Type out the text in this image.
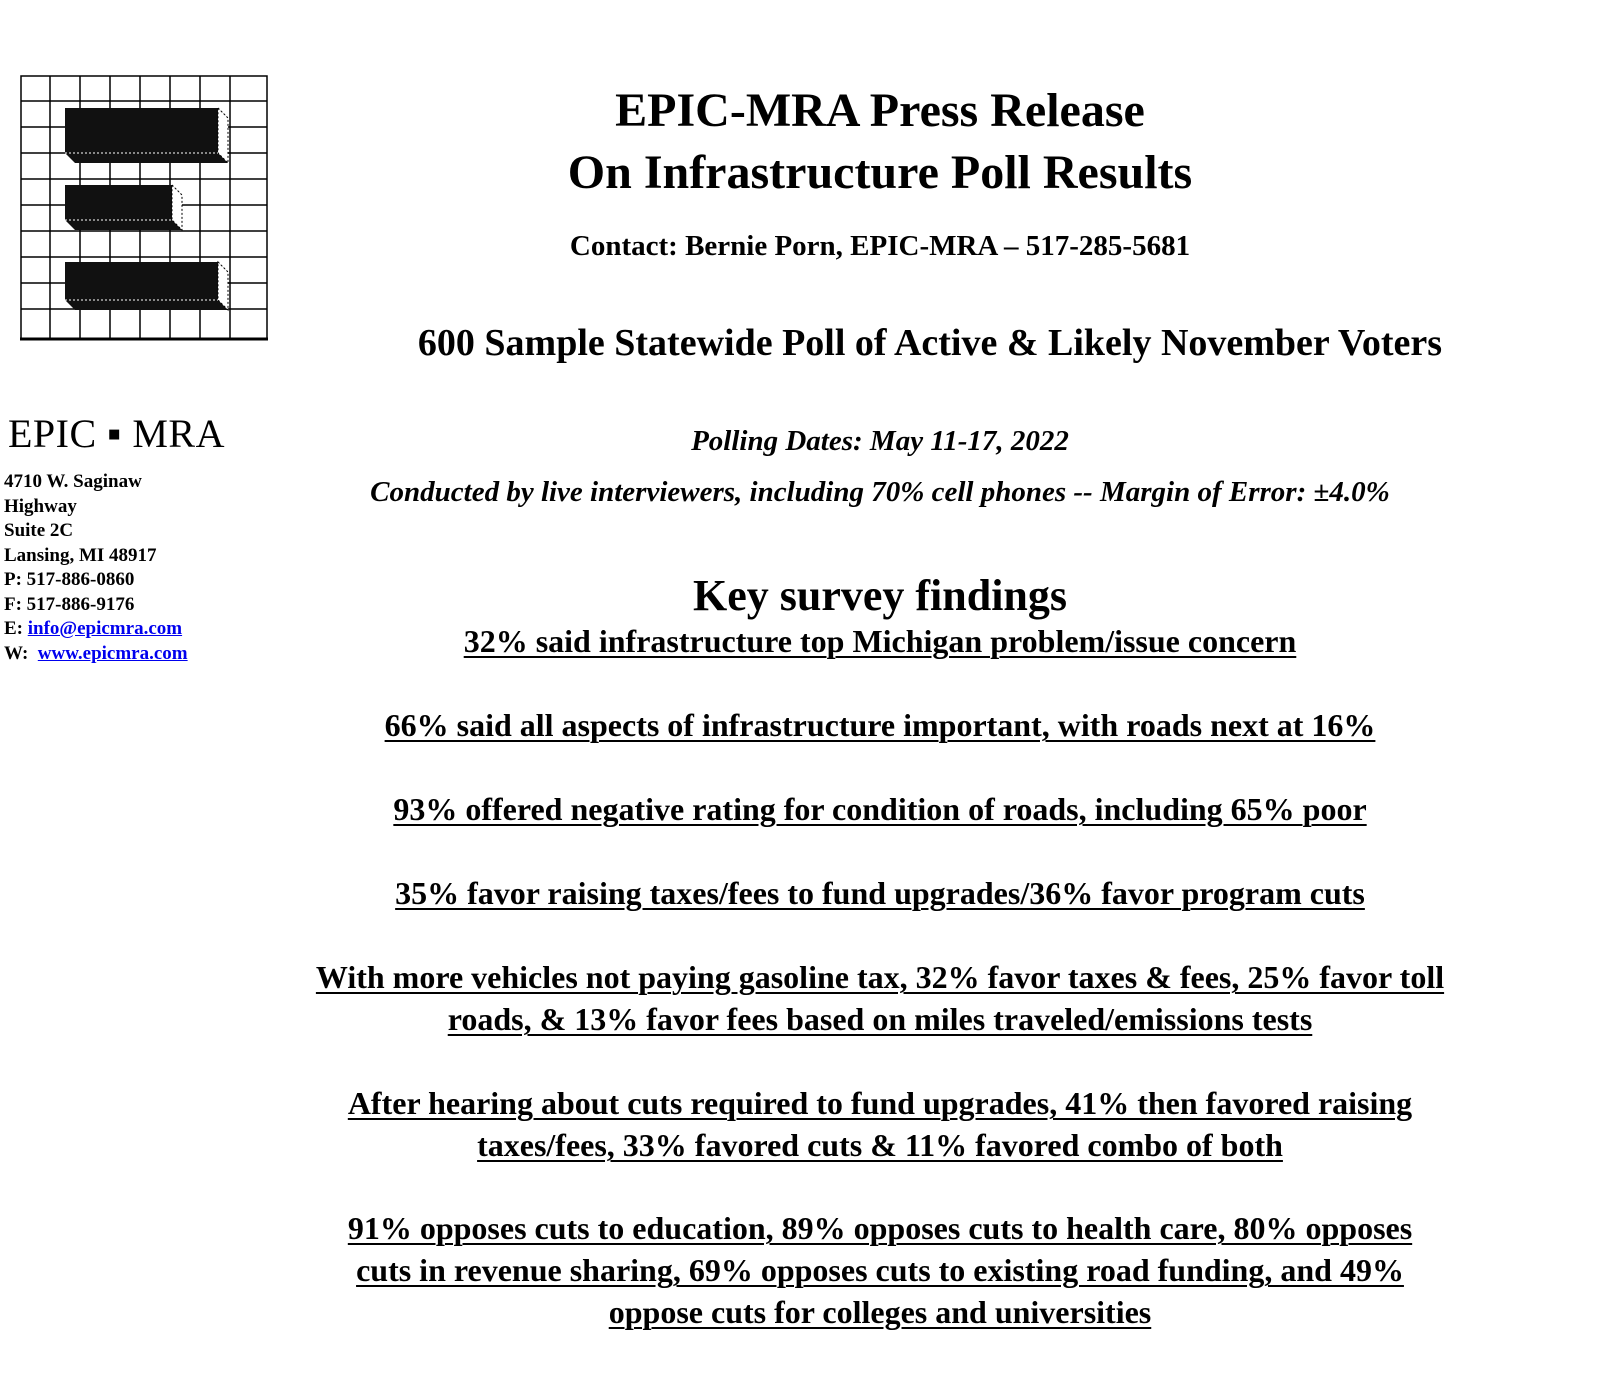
EPIC ▪ MRA
4710 W. Saginaw Highway
Suite 2C
Lansing, MI 48917
P: 517-886-0860
F: 517-886-9176
E: info@epicmra.com
W: www.epicmra.com
EPIC-MRA Press Release
On Infrastructure Poll Results
Contact: Bernie Porn, EPIC-MRA – 517-285-5681
600 Sample Statewide Poll of Active & Likely November Voters
Polling Dates: May 11-17, 2022
Conducted by live interviewers, including 70% cell phones -- Margin of Error: ±4.0%
Key survey findings
32% said infrastructure top Michigan problem/issue concern
66% said all aspects of infrastructure important, with roads next at 16%
93% offered negative rating for condition of roads, including 65% poor
35% favor raising taxes/fees to fund upgrades/36% favor program cuts
With more vehicles not paying gasoline tax, 32% favor taxes & fees, 25% favor toll roads, & 13% favor fees based on miles traveled/emissions tests
After hearing about cuts required to fund upgrades, 41% then favored raising taxes/fees, 33% favored cuts & 11% favored combo of both
91% opposes cuts to education, 89% opposes cuts to health care, 80% opposes cuts in revenue sharing, 69% opposes cuts to existing road funding, and 49% oppose cuts for colleges and universities
